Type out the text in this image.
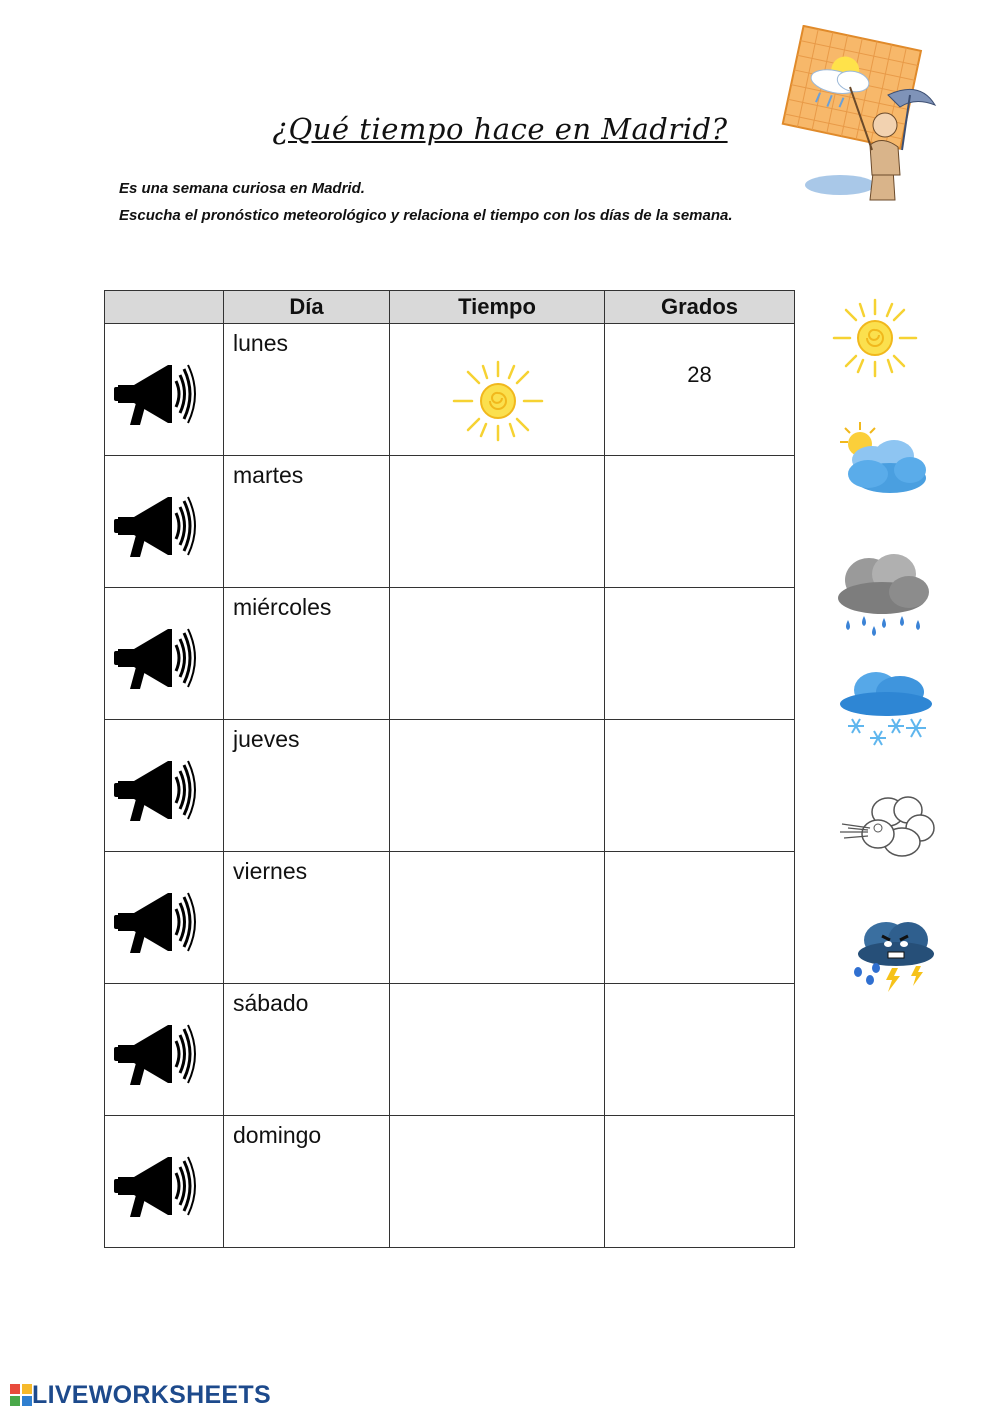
¿Qué tiempo hace en Madrid?
Es una semana curiosa en Madrid.
Escucha el pronóstico meteorológico y relaciona el tiempo con los días de la semana.
	Día	Tiempo	Grados

lunes		28

martes		

miércoles		

jueves		

viernes		

sábado		

domingo		

LIVEWORKSHEETS
